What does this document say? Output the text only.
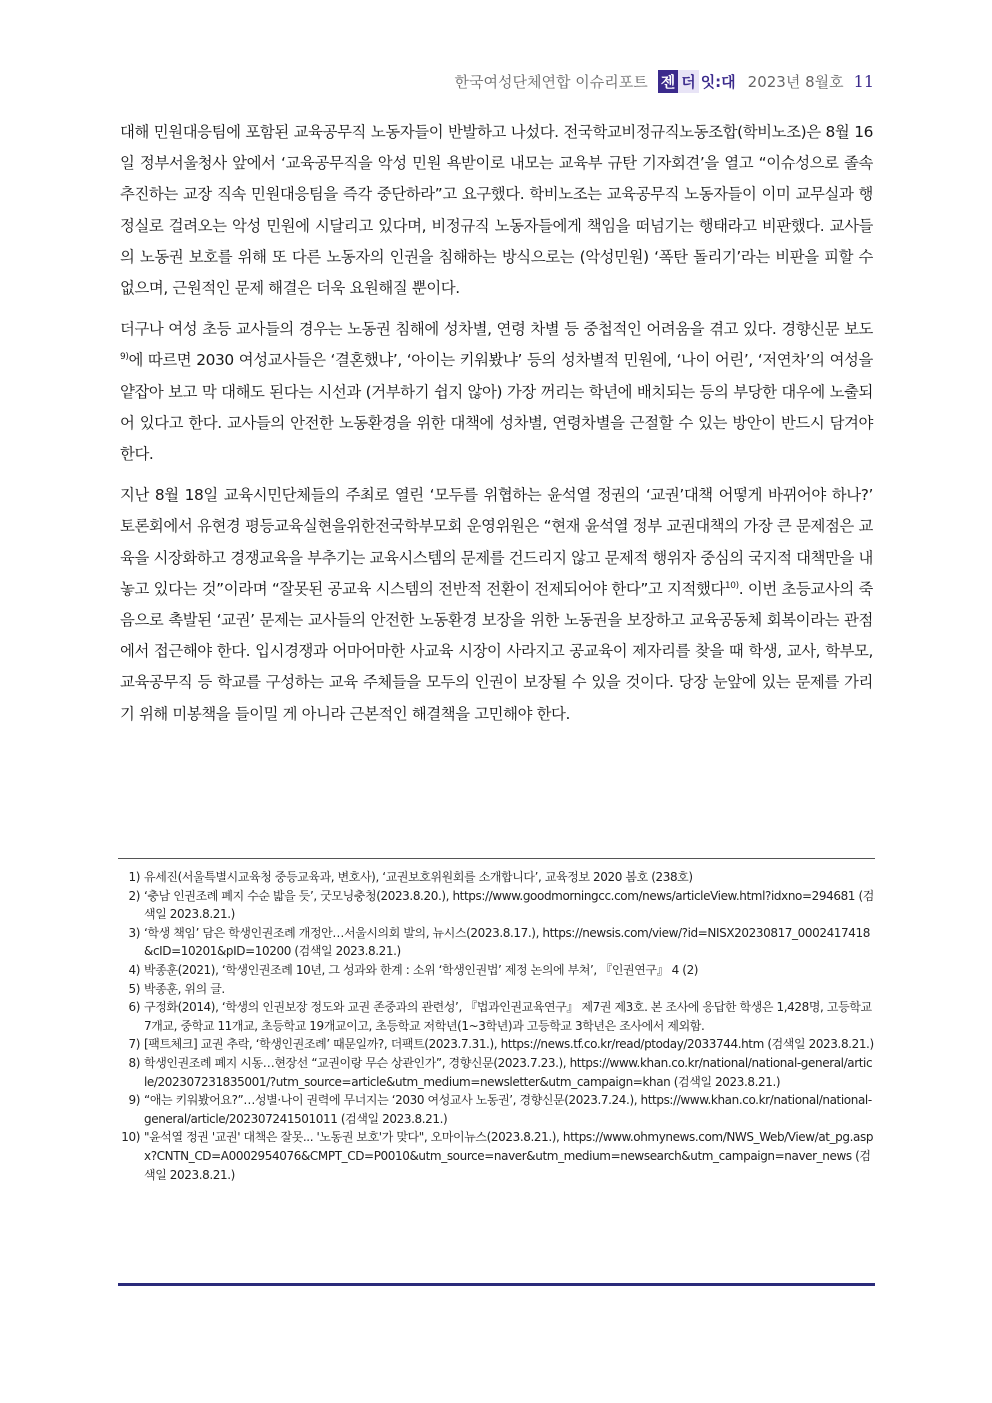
한국여성단체연합 이슈리포트 젠 더 잇:대 2023년 8월호 11

대해 민원대응팀에 포함된 교육공무직 노동자들이 반발하고 나섰다. 전국학교비정규직노동조합(학비노조)은 8월 16일 정부서울청사 앞에서 ‘교육공무직을 악성 민원 욕받이로 내모는 교육부 규탄 기자회견’을 열고 “이슈성으로 졸속 추진하는 교장 직속 민원대응팀을 즉각 중단하라”고 요구했다. 학비노조는 교육공무직 노동자들이 이미 교무실과 행정실로 걸려오는 악성 민원에 시달리고 있다며, 비정규직 노동자들에게 책임을 떠넘기는 행태라고 비판했다. 교사들의 노동권 보호를 위해 또 다른 노동자의 인권을 침해하는 방식으로는 (악성민원) ‘폭탄 돌리기’라는 비판을 피할 수 없으며, 근원적인 문제 해결은 더욱 요원해질 뿐이다.

더구나 여성 초등 교사들의 경우는 노동권 침해에 성차별, 연령 차별 등 중첩적인 어려움을 겪고 있다. 경향신문 보도$^{9)}$에 따르면 2030 여성교사들은 ‘결혼했냐’, ‘아이는 키워봤냐’ 등의 성차별적 민원에, ‘나이 어린’, ‘저연차’의 여성을 얕잡아 보고 막 대해도 된다는 시선과 (거부하기 쉽지 않아) 가장 꺼리는 학년에 배치되는 등의 부당한 대우에 노출되어 있다고 한다. 교사들의 안전한 노동환경을 위한 대책에 성차별, 연령차별을 근절할 수 있는 방안이 반드시 담겨야 한다.

지난 8월 18일 교육시민단체들의 주최로 열린 ‘모두를 위협하는 윤석열 정권의 ‘교권’대책 어떻게 바뀌어야 하나?’ 토론회에서 유현경 평등교육실현을위한전국학부모회 운영위원은 “현재 윤석열 정부 교권대책의 가장 큰 문제점은 교육을 시장화하고 경쟁교육을 부추기는 교육시스템의 문제를 건드리지 않고 문제적 행위자 중심의 국지적 대책만을 내놓고 있다는 것”이라며 “잘못된 공교육 시스템의 전반적 전환이 전제되어야 한다”고 지적했다$^{10)}$. 이번 초등교사의 죽음으로 촉발된 ‘교권’ 문제는 교사들의 안전한 노동환경 보장을 위한 노동권을 보장하고 교육공동체 회복이라는 관점에서 접근해야 한다. 입시경쟁과 어마어마한 사교육 시장이 사라지고 공교육이 제자리를 찾을 때 학생, 교사, 학부모, 교육공무직 등 학교를 구성하는 교육 주체들을 모두의 인권이 보장될 수 있을 것이다. 당장 눈앞에 있는 문제를 가리기 위해 미봉책을 들이밀 게 아니라 근본적인 해결책을 고민해야 한다.

1) 유세진(서울특별시교육청 중등교육과, 변호사), ‘교권보호위원회를 소개합니다’, 교육정보 2020 봄호 (238호)
2) ‘충남 인권조례 폐지 수순 밟을 듯’, 굿모닝충청(2023.8.20.), https://www.goodmorningcc.com/news/articleView.html?idxno=294681 (검색일 2023.8.21.)
3) ‘학생 책임’ 담은 학생인권조례 개정안…서울시의회 발의, 뉴시스(2023.8.17.), https://newsis.com/view/?id=NISX20230817_0002417418&cID=10201&pID=10200 (검색일 2023.8.21.)
4) 박종훈(2021), ‘학생인권조례 10년, 그 성과와 한계 : 소위 ‘학생인권법’ 제정 논의에 부쳐’, 『인권연구』 4 (2)
5) 박종훈, 위의 글.
6) 구정화(2014), ‘학생의 인권보장 정도와 교권 존중과의 관련성’, 『법과인권교육연구』 제7권 제3호. 본 조사에 응답한 학생은 1,428명, 고등학교 7개교, 중학교 11개교, 초등학교 19개교이고, 초등학교 저학년(1~3학년)과 고등학교 3학년은 조사에서 제외함.
7) [팩트체크] 교권 추락, ‘학생인권조례’ 때문일까?, 더팩트(2023.7.31.), https://news.tf.co.kr/read/ptoday/2033744.htm (검색일 2023.8.21.)
8) 학생인권조례 폐지 시동…현장선 “교권이랑 무슨 상관인가”, 경향신문(2023.7.23.), https://www.khan.co.kr/national/national-general/article/202307231835001/?utm_source=article&utm_medium=newsletter&utm_campaign=khan (검색일 2023.8.21.)
9) “애는 키워봤어요?”…성별·나이 권력에 무너지는 ‘2030 여성교사 노동권’, 경향신문(2023.7.24.), https://www.khan.co.kr/national/national-general/article/202307241501011 (검색일 2023.8.21.)
10) "윤석열 정권 '교권' 대책은 잘못... '노동권 보호'가 맞다", 오마이뉴스(2023.8.21.), https://www.ohmynews.com/NWS_Web/View/at_pg.aspx?CNTN_CD=A0002954076&CMPT_CD=P0010&utm_source=naver&utm_medium=newsearch&utm_campaign=naver_news (검색일 2023.8.21.)
